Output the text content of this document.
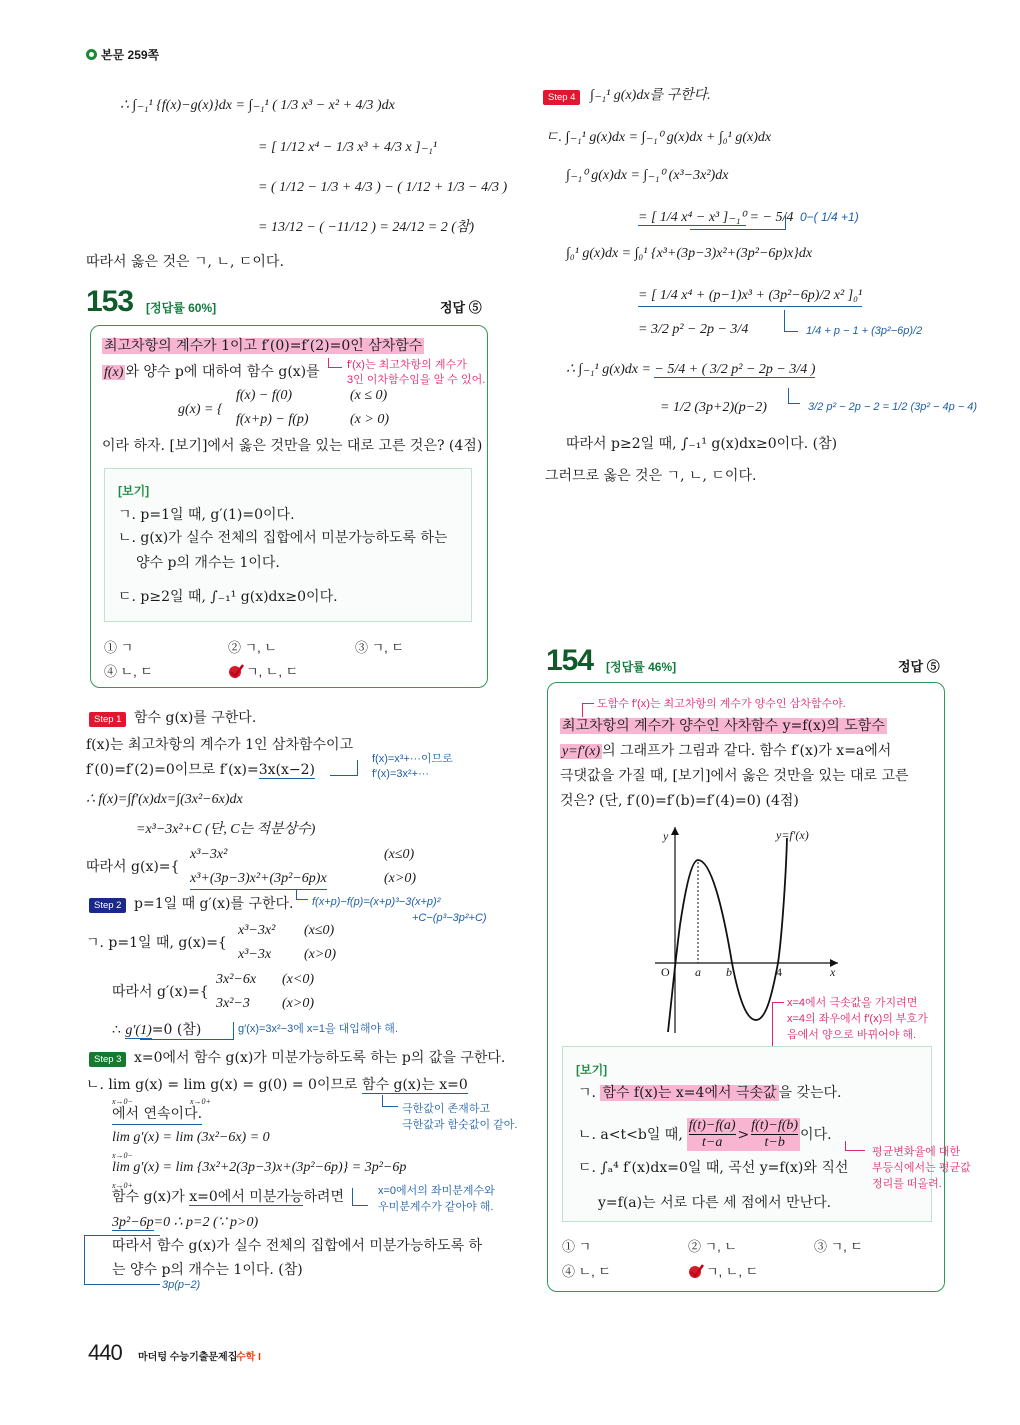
본문 259쪽
∴ ∫₋₁¹ {f(x)−g(x)}dx = ∫₋₁¹ ( 1/3 x³ − x² + 4/3 )dx
= [ 1/12 x⁴ − 1/3 x³ + 4/3 x ]₋₁¹
= ( 1/12 − 1/3 + 4/3 ) − ( 1/12 + 1/3 − 4/3 )
= 13/12 − ( −11/12 ) = 24/12 = 2 (참)
따라서 옳은 것은 ㄱ, ㄴ, ㄷ이다.
153 [정답률 60%]	정답 ⑤
최고차항의 계수가 1이고 f′(0)=f′(2)=0인 삼차함수
f(x) 와 양수 p에 대하여 함수 g(x)를 f′(x)는 최고차항의 계수가
3인 이차함수임을 알 수 있어.
g(x) = {
f(x) − f(0)	(x ≤ 0)
f(x+p) − f(p)	(x > 0)
이라 하자. [보기]에서 옳은 것만을 있는 대로 고른 것은? (4점)
[보기]
ㄱ. p=1일 때, g′(1)=0이다.
ㄴ. g(x)가 실수 전체의 집합에서 미분가능하도록 하는
양수 p의 개수는 1이다.
ㄷ. p≥2일 때, ∫₋₁¹ g(x)dx≥0이다.
① ㄱ	② ㄱ, ㄴ	③ ㄱ, ㄷ
④ ㄴ, ㄷ	ㄱ, ㄴ, ㄷ
Step 1 함수 g(x)를 구한다.
f(x)는 최고차항의 계수가 1인 삼차함수이고
f′(0)=f′(2)=0이므로 f′(x)=3x(x−2)
f(x)=x³+···이므로
f′(x)=3x²+···
∴ f(x)=∫f′(x)dx=∫(3x²−6x)dx
=x³−3x²+C (단, C는 적분상수)
따라서 g(x)={
x³−3x²	(x≤0)
x³+(3p−3)x²+(3p²−6p)x	(x>0)
Step 2 p=1일 때 g′(x)를 구한다. f(x+p)−f(p)=(x+p)³−3(x+p)²
+C−(p³−3p²+C)
ㄱ. p=1일 때, g(x)={
x³−3x² (x≤0)
x³−3x (x>0)
따라서 g′(x)={
3x²−6x (x<0)
3x²−3 (x>0)
∴ g′(1)=0 (참)	g′(x)=3x²−3에 x=1을 대입해야 해.
Step 3 x=0에서 함수 g(x)가 미분가능하도록 하는 p의 값을 구한다.
ㄴ. lim g(x) = lim g(x) = g(0) = 0이므로 함수 g(x)는 x=0
x→0−	x→0+
에서 연속이다.	극한값이 존재하고
극한값과 함숫값이 같아.
lim g′(x) = lim (3x²−6x) = 0
x→0−
lim g′(x) = lim {3x²+2(3p−3)x+(3p²−6p)} = 3p²−6p
x→0+
함수 g(x)가 x=0에서 미분가능하려면	x=0에서의 좌미분계수와
우미분계수가 같아야 해.
3p²−6p=0 ∴ p=2 (∵ p>0)
따라서 함수 g(x)가 실수 전체의 집합에서 미분가능하도록 하
는 양수 p의 개수는 1이다. (참)
3p(p−2)
440 마더텅 수능기출문제집
수학 I
Step 4	∫₋₁¹ g(x)dx를 구한다.
ㄷ. ∫₋₁¹ g(x)dx = ∫₋₁⁰ g(x)dx + ∫₀¹ g(x)dx
∫₋₁⁰ g(x)dx = ∫₋₁⁰ (x³−3x²)dx
= [ 1/4 x⁴ − x³ ]₋₁⁰ = − 5/4 0−( 1/4 +1)
∫₀¹ g(x)dx = ∫₀¹ {x³+(3p−3)x²+(3p²−6p)x}dx
= [ 1/4 x⁴ + (p−1)x³ + (3p²−6p)/2 x² ]₀¹
= 3/2 p² − 2p − 3/4	1/4 + p − 1 + (3p²−6p)/2
∴ ∫₋₁¹ g(x)dx = − 5/4 + ( 3/2 p² − 2p − 3/4 )
= 1/2 (3p+2)(p−2)	3/2 p² − 2p − 2 = 1/2 (3p² − 4p − 4)
따라서 p≥2일 때, ∫₋₁¹ g(x)dx≥0이다. (참)
그러므로 옳은 것은 ㄱ, ㄴ, ㄷ이다.
154 [정답률 46%]	정답 ⑤
도함수 f′(x)는 최고차항의 계수가 양수인 삼차함수야.
최고차항의 계수가 양수인 사차함수 y=f(x)의 도함수
y=f′(x) 의 그래프가 그림과 같다. 함수 f′(x)가 x=a에서
극댓값을 가질 때, [보기]에서 옳은 것만을 있는 대로 고른
것은? (단, f′(0)=f′(b)=f′(4)=0) (4점)
y	y=f′(x)
O a b	4	x
x=4에서 극솟값을 가지려면
x=4의 좌우에서 f′(x)의 부호가
음에서 양으로 바뀌어야 해.
[보기]
ㄱ. 함수 f(x)는 x=4에서 극솟값 을 갖는다.
ㄴ. a<t<b일 때,
f(t)−f(a)
t−a >
f(t)−f(b)
t−b 이다.
평균변화율에 대한
부등식에서는 평균값
정리를 떠올려.
ㄷ. ∫ₐ⁴ f′(x)dx=0일 때, 곡선 y=f(x)와 직선
y=f(a)는 서로 다른 세 점에서 만난다.
① ㄱ	② ㄱ, ㄴ	③ ㄱ, ㄷ
④ ㄴ, ㄷ	ㄱ, ㄴ, ㄷ
